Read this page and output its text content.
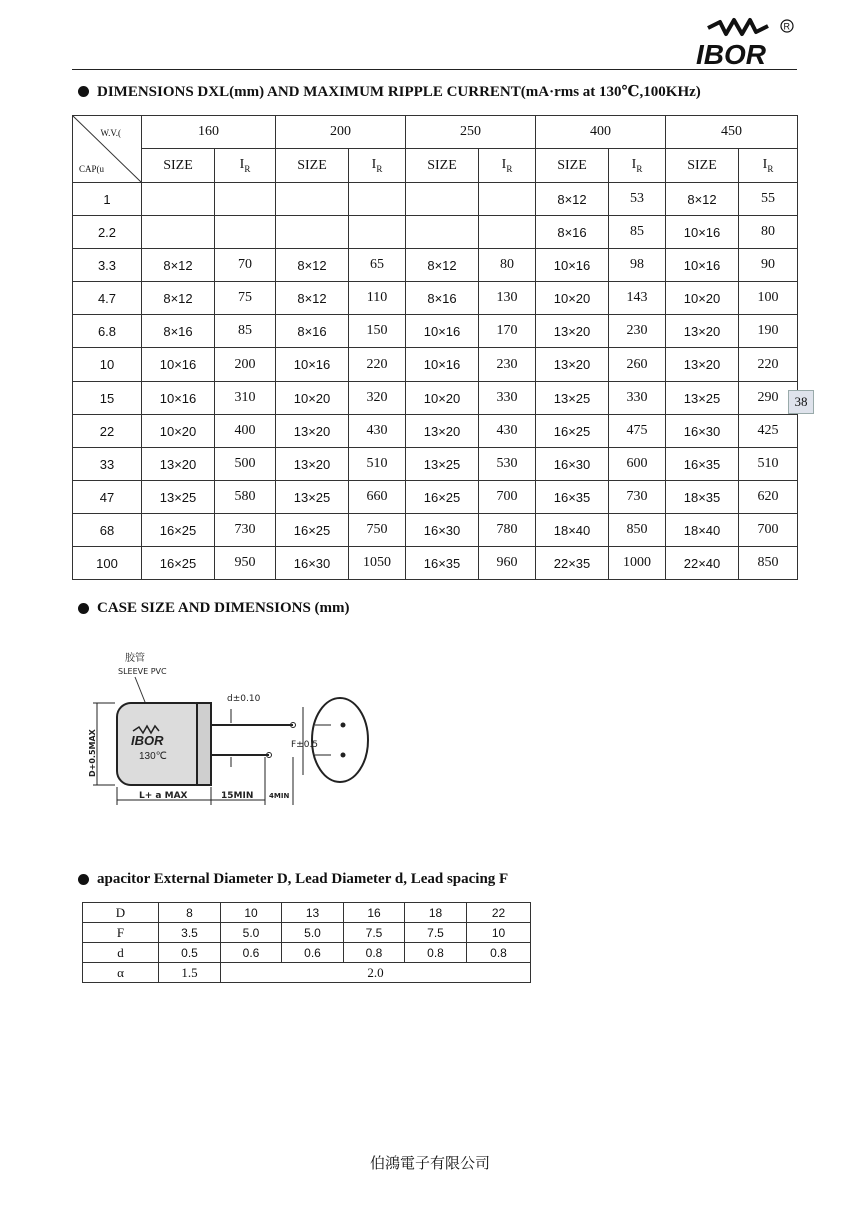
IBOR
R
DIMENSIONS DXL(mm) AND MAXIMUM RIPPLE CURRENT(mA·rms at 130℃,100KHz)
W.V.(
CAP(u	160		200		250		400		450	
	SIZE	$I_R$	SIZE	$I_R$	SIZE	$I_R$	SIZE	$I_R$	SIZE	$I_R$
1							8×12	53	8×12	55
2.2							8×16	85	10×16	80
3.3	8×12	70	8×12	65	8×12	80	10×16	98	10×16	90
4.7	8×12	75	8×12	110	8×16	130	10×20	143	10×20	100
6.8	8×16	85	8×16	150	10×16	170	13×20	230	13×20	190
10	10×16	200	10×16	220	10×16	230	13×20	260	13×20	220
15	10×16	310	10×20	320	10×20	330	13×25	330	13×25	290
22	10×20	400	13×20	430	13×20	430	16×25	475	16×30	425
33	13×20	500	13×20	510	13×25	530	16×30	600	16×35	510
47	13×25	580	13×25	660	16×25	700	16×35	730	18×35	620
68	16×25	730	16×25	750	16×30	780	18×40	850	18×40	700
100	16×25	950	16×30	1050	16×35	960	22×35	1000	22×40	850
38
CASE SIZE AND DIMENSIONS (mm)
胶管
SLEEVE PVC
IBOR
130℃
d±0.10
F±0.5
D+0.5MAX
L+ a MAX	15MIN 4MIN
apacitor External Diameter D, Lead Diameter d, Lead spacing F
D	8	10	13	16	18	22
F	3.5	5.0	5.0	7.5	7.5	10
d	0.5	0.6	0.6	0.8	0.8	0.8
α	1.5	2.0				
伯鴻電子有限公司
